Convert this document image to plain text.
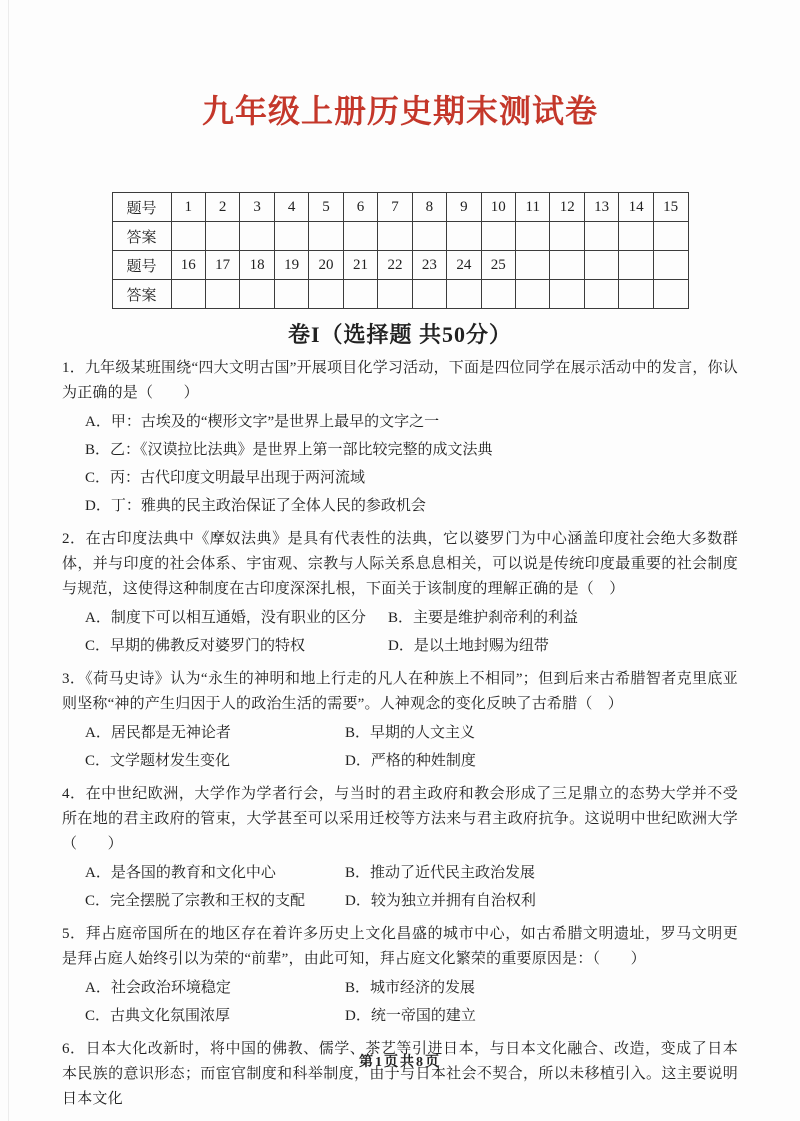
九年级上册历史期末测试卷
题号	1	2	3	4	5	6	7	8	9	10	11	12	13	14	15
答案															
题号	16	17	18	19	20	21	22	23	24	25					
答案															
卷I（选择题 共50分）

1．九年级某班围绕“四大文明古国”开展项目化学习活动，下面是四位同学在展示活动中的发言，你认为正确的是（　　）

A．甲：古埃及的“楔形文字”是世界上最早的文字之一

B．乙：《汉谟拉比法典》是世界上第一部比较完整的成文法典

C．丙：古代印度文明最早出现于两河流域

D．丁：雅典的民主政治保证了全体人民的参政机会

2．在古印度法典中《摩奴法典》是具有代表性的法典，它以婆罗门为中心涵盖印度社会绝大多数群体，并与印度的社会体系、宇宙观、宗教与人际关系息息相关，可以说是传统印度最重要的社会制度与规范，这使得这种制度在古印度深深扎根，下面关于该制度的理解正确的是（　）

A．制度下可以相互通婚，没有职业的区分	B．主要是维护刹帝利的利益

C．早期的佛教反对婆罗门的特权	D．是以土地封赐为纽带

3．《荷马史诗》认为“永生的神明和地上行走的凡人在种族上不相同”；但到后来古希腊智者克里底亚则坚称“神的产生归因于人的政治生活的需要”。人神观念的变化反映了古希腊（　）

A．居民都是无神论者	B．早期的人文主义

C．文学题材发生变化	D．严格的种姓制度

4．在中世纪欧洲，大学作为学者行会，与当时的君主政府和教会形成了三足鼎立的态势大学并不受所在地的君主政府的管束，大学甚至可以采用迁校等方法来与君主政府抗争。这说明中世纪欧洲大学（　　）

A．是各国的教育和文化中心	B．推动了近代民主政治发展

C．完全摆脱了宗教和王权的支配	D．较为独立并拥有自治权利

5．拜占庭帝国所在的地区存在着许多历史上文化昌盛的城市中心，如古希腊文明遗址，罗马文明更是拜占庭人始终引以为荣的“前辈”，由此可知，拜占庭文化繁荣的重要原因是：（　　）

A．社会政治环境稳定	B．城市经济的发展

C．古典文化氛围浓厚	D．统一帝国的建立

6．日本大化改新时，将中国的佛教、儒学、茶艺等引进日本，与日本文化融合、改造，变成了日本本民族的意识形态；而宦官制度和科举制度，由于与日本社会不契合，所以未移植引入。这主要说明日本文化

第1页共8页
